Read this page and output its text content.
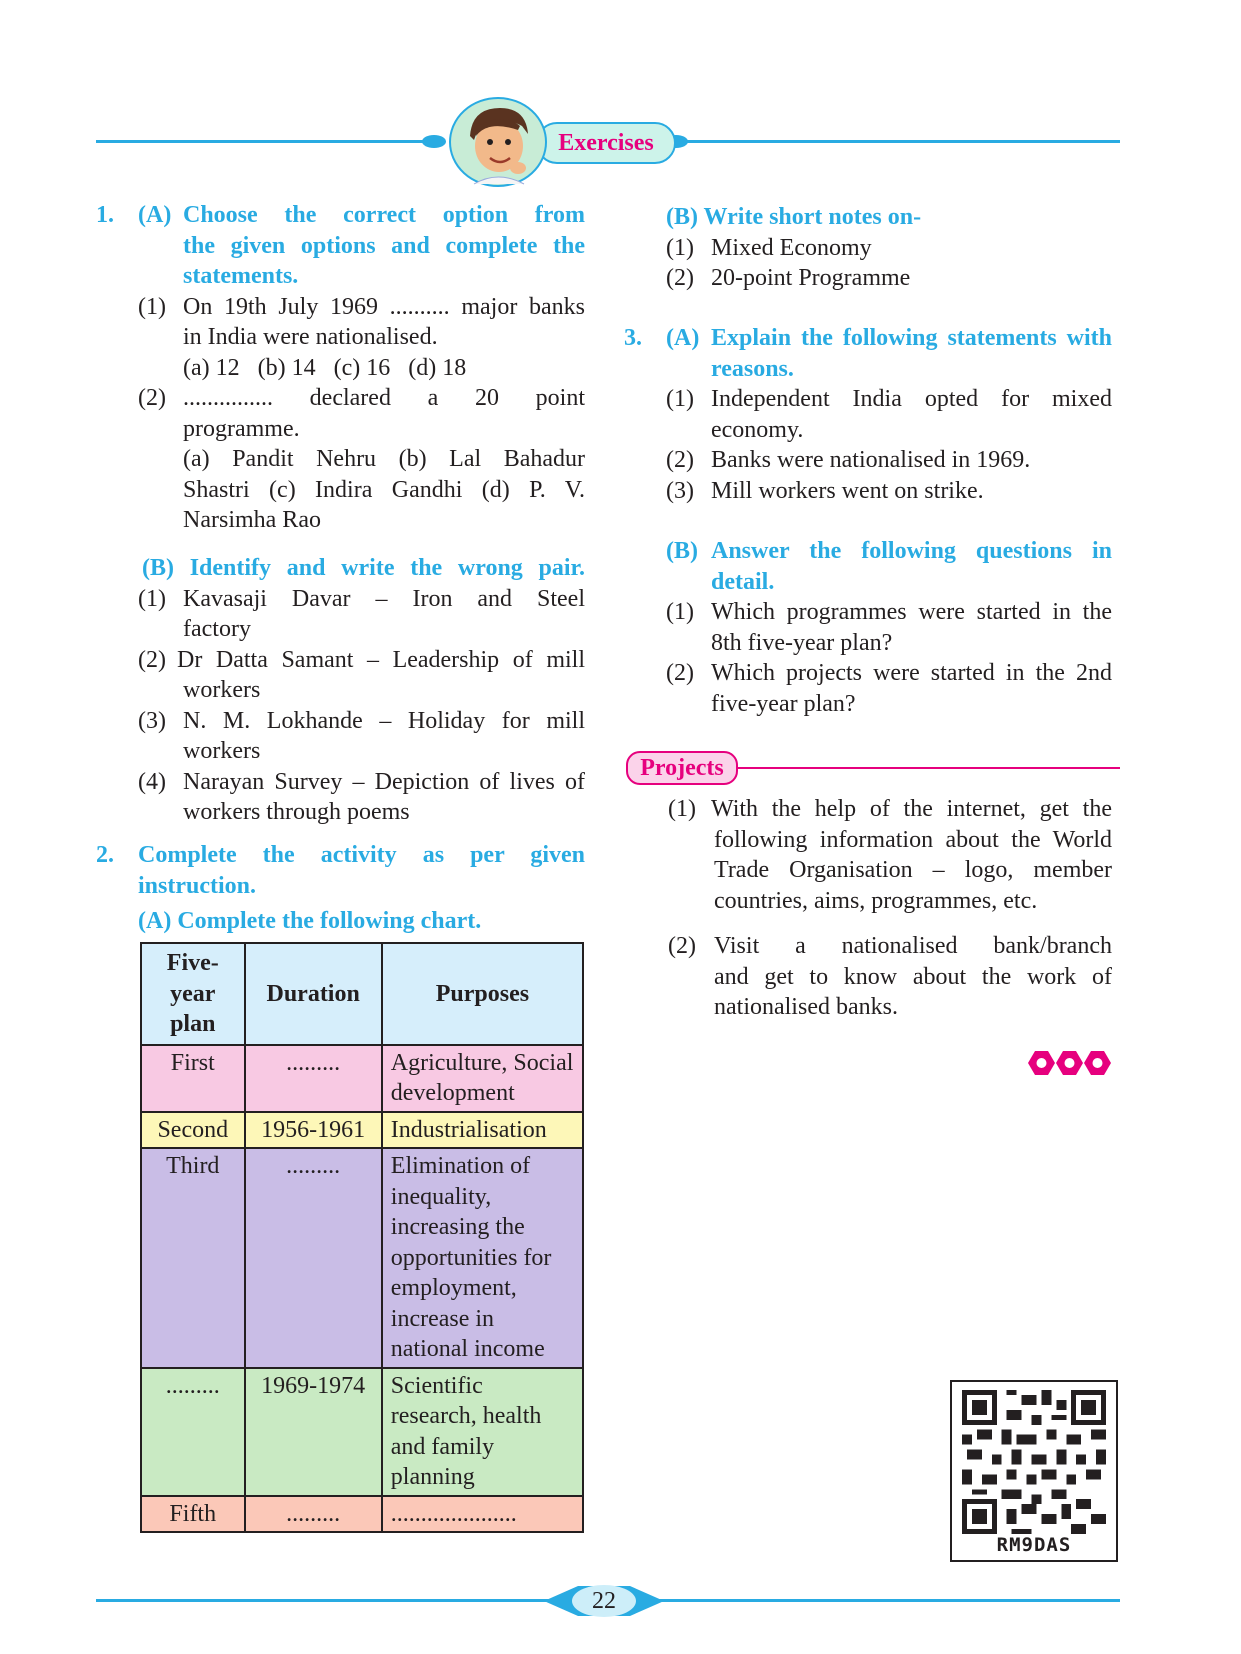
Exercises
1. (A) Choose the correct option from
the given options and complete the
statements.
(1) On 19th July 1969 .......... major banks
in India were nationalised.
(a) 12   (b) 14   (c) 16   (d) 18
(2) ............... declared a 20 point
programme.
(a) Pandit Nehru (b) Lal Bahadur
Shastri (c) Indira Gandhi (d) P. V.
Narsimha Rao
(B) Identify and write the wrong pair.
(1) Kavasaji Davar – Iron and Steel
factory
(2) Dr Datta Samant – Leadership of mill
workers
(3) N. M. Lokhande – Holiday for mill
workers
(4) Narayan Survey – Depiction of lives of
workers through poems
2. Complete the activity as per given
instruction.
(A) Complete the following chart.
Five-year plan	Duration	Purposes
First	.........	Agriculture, Social development
Second	1956-1961	Industrialisation
Third	.........	Elimination of inequality, increasing the opportunities for employment, increase in national income
.........	1969-1974	Scientific research, health and family planning
Fifth	.........	.....................
(B) Write short notes on-
(1) Mixed Economy
(2) 20-point Programme
3. (A) Explain the following statements with
reasons.
(1) Independent India opted for mixed
economy.
(2) Banks were nationalised in 1969.
(3) Mill workers went on strike.
(B) Answer the following questions in
detail.
(1) Which programmes were started in the
8th five-year plan?
(2) Which projects were started in the 2nd
five-year plan?
Projects
(1) With the help of the internet, get the
following information about the World
Trade Organisation – logo, member
countries, aims, programmes, etc.
(2) Visit a nationalised bank/branch
and get to know about the work of
nationalised banks.
RM9DAS
22
